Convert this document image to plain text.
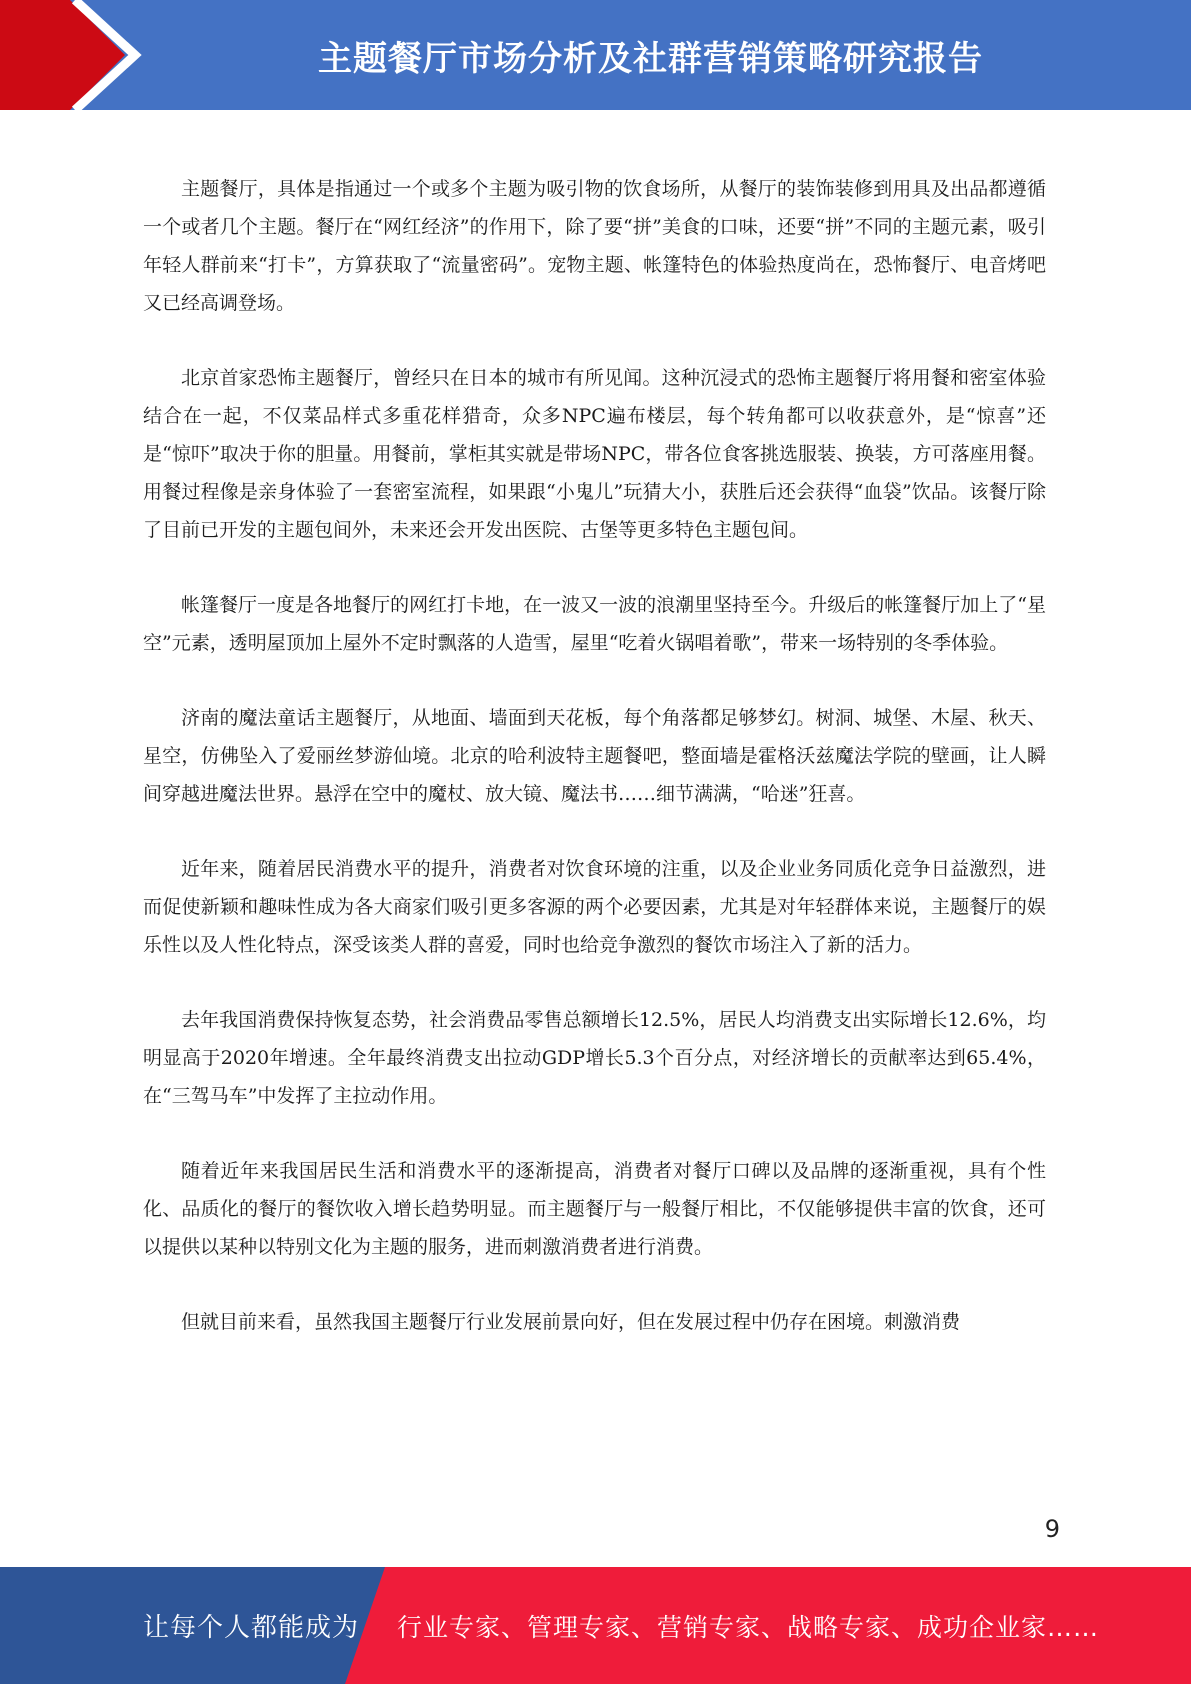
主题餐厅市场分析及社群营销策略研究报告

主题餐厅，具体是指通过一个或多个主题为吸引物的饮食场所，从餐厅的装饰装修到用具及出品都遵循一个或者几个主题。餐厅在“网红经济”的作用下，除了要“拼”美食的口味，还要“拼”不同的主题元素，吸引年轻人群前来“打卡”，方算获取了“流量密码”。宠物主题、帐篷特色的体验热度尚在，恐怖餐厅、电音烤吧又已经高调登场。

北京首家恐怖主题餐厅，曾经只在日本的城市有所见闻。这种沉浸式的恐怖主题餐厅将用餐和密室体验结合在一起，不仅菜品样式多重花样猎奇，众多NPC遍布楼层，每个转角都可以收获意外，是“惊喜”还是“惊吓”取决于你的胆量。用餐前，掌柜其实就是带场NPC，带各位食客挑选服装、换装，方可落座用餐。用餐过程像是亲身体验了一套密室流程，如果跟“小鬼儿”玩猜大小，获胜后还会获得“血袋”饮品。该餐厅除了目前已开发的主题包间外，未来还会开发出医院、古堡等更多特色主题包间。

帐篷餐厅一度是各地餐厅的网红打卡地，在一波又一波的浪潮里坚持至今。升级后的帐篷餐厅加上了“星空”元素，透明屋顶加上屋外不定时飘落的人造雪，屋里“吃着火锅唱着歌”，带来一场特别的冬季体验。

济南的魔法童话主题餐厅，从地面、墙面到天花板，每个角落都足够梦幻。树洞、城堡、木屋、秋天、星空，仿佛坠入了爱丽丝梦游仙境。北京的哈利波特主题餐吧，整面墙是霍格沃兹魔法学院的壁画，让人瞬间穿越进魔法世界。悬浮在空中的魔杖、放大镜、魔法书……细节满满，“哈迷”狂喜。

近年来，随着居民消费水平的提升，消费者对饮食环境的注重，以及企业业务同质化竞争日益激烈，进而促使新颖和趣味性成为各大商家们吸引更多客源的两个必要因素，尤其是对年轻群体来说，主题餐厅的娱乐性以及人性化特点，深受该类人群的喜爱，同时也给竞争激烈的餐饮市场注入了新的活力。

去年我国消费保持恢复态势，社会消费品零售总额增长12.5%，居民人均消费支出实际增长12.6%，均明显高于2020年增速。全年最终消费支出拉动GDP增长5.3个百分点，对经济增长的贡献率达到65.4%，在“三驾马车”中发挥了主拉动作用。

随着近年来我国居民生活和消费水平的逐渐提高，消费者对餐厅口碑以及品牌的逐渐重视，具有个性化、品质化的餐厅的餐饮收入增长趋势明显。而主题餐厅与一般餐厅相比，不仅能够提供丰富的饮食，还可以提供以某种以特别文化为主题的服务，进而刺激消费者进行消费。

但就目前来看，虽然我国主题餐厅行业发展前景向好，但在发展过程中仍存在困境。刺激消费

9
让每个人都能成为 行业专家、管理专家、营销专家、战略专家、成功企业家……
